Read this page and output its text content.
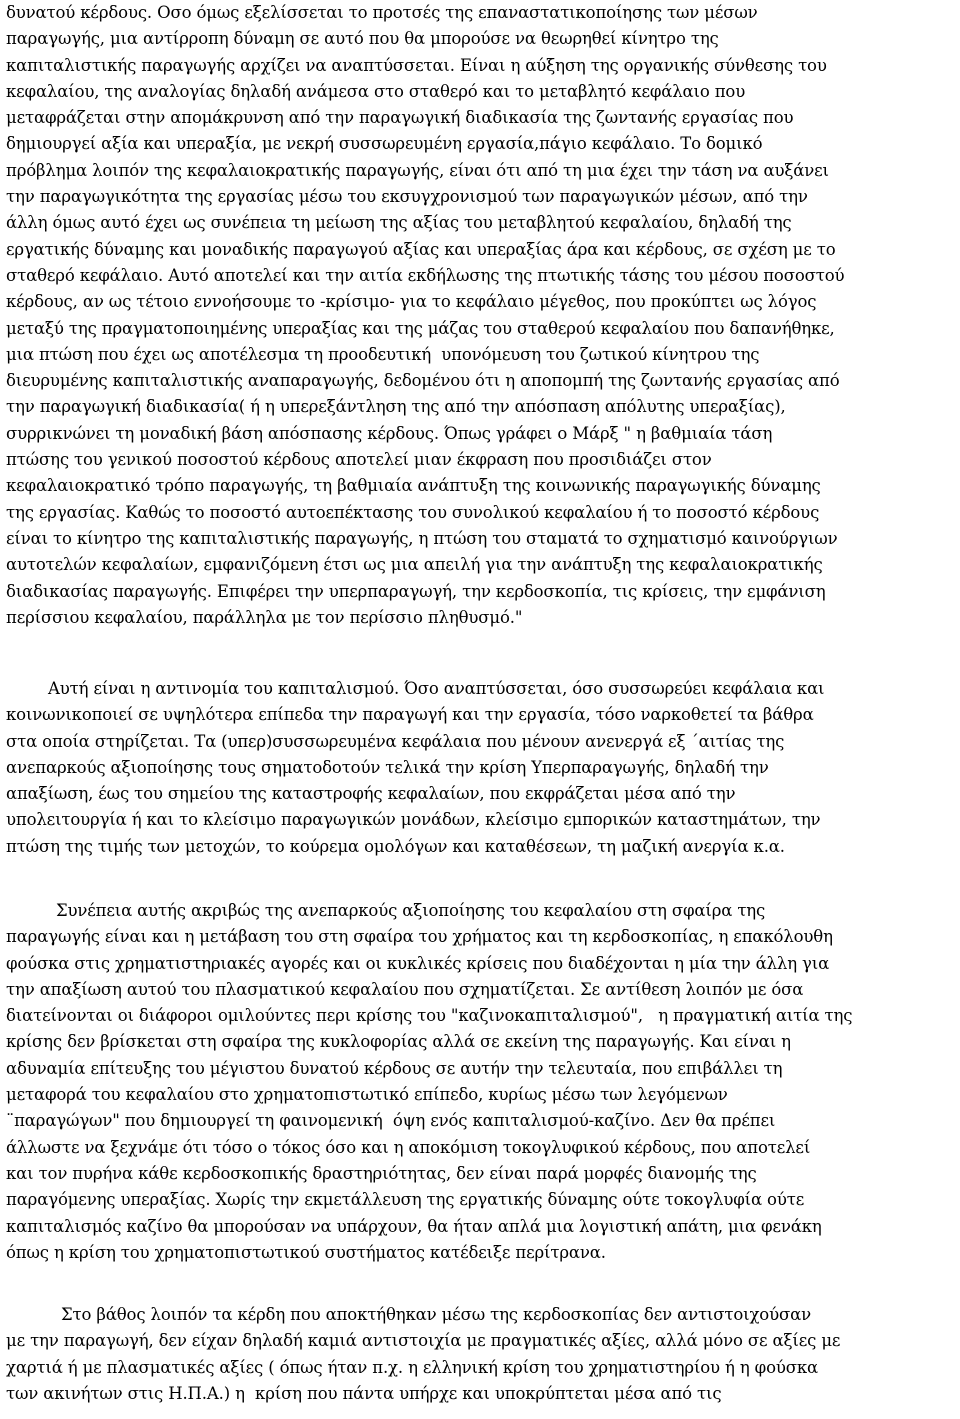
δυνατού κέρδους. Οσο όμως εξελίσσεται το προτσές της επαναστατικοποίησης των μέσων
παραγωγής, μια αντίρροπη δύναμη σε αυτό που θα μπορούσε να θεωρηθεί κίνητρο της
καπιταλιστικής παραγωγής αρχίζει να αναπτύσσεται. Είναι η αύξηση της οργανικής σύνθεσης του
κεφαλαίου, της αναλογίας δηλαδή ανάμεσα στο σταθερό και το μεταβλητό κεφάλαιο που
μεταφράζεται στην απομάκρυνση από την παραγωγική διαδικασία της ζωντανής εργασίας που
δημιουργεί αξία και υπεραξία, με νεκρή συσσωρευμένη εργασία,πάγιο κεφάλαιο. Το δομικό
πρόβλημα λοιπόν της κεφαλαιοκρατικής παραγωγής, είναι ότι από τη μια έχει την τάση να αυξάνει
την παραγωγικότητα της εργασίας μέσω του εκσυγχρονισμού των παραγωγικών μέσων, από την
άλλη όμως αυτό έχει ως συνέπεια τη μείωση της αξίας του μεταβλητού κεφαλαίου, δηλαδή της
εργατικής δύναμης και μοναδικής παραγωγού αξίας και υπεραξίας άρα και κέρδους, σε σχέση με το
σταθερό κεφάλαιο. Αυτό αποτελεί και την αιτία εκδήλωσης της πτωτικής τάσης του μέσου ποσοστού
κέρδους, αν ως τέτοιο εννοήσουμε το -κρίσιμο- για το κεφάλαιο μέγεθος, που προκύπτει ως λόγος
μεταξύ της πραγματοποιημένης υπεραξίας και της μάζας του σταθερού κεφαλαίου που δαπανήθηκε,
μια πτώση που έχει ως αποτέλεσμα τη προοδευτική  υπονόμευση του ζωτικού κίνητρου της
διευρυμένης καπιταλιστικής αναπαραγωγής, δεδομένου ότι η αποπομπή της ζωντανής εργασίας από
την παραγωγική διαδικασία( ή η υπερεξάντληση της από την απόσπαση απόλυτης υπεραξίας),
συρρικνώνει τη μοναδική βάση απόσπασης κέρδους. Όπως γράφει ο Μάρξ " η βαθμιαία τάση
πτώσης του γενικού ποσοστού κέρδους αποτελεί μιαν έκφραση που προσιδιάζει στον
κεφαλαιοκρατικό τρόπο παραγωγής, τη βαθμιαία ανάπτυξη της κοινωνικής παραγωγικής δύναμης
της εργασίας. Καθώς το ποσοστό αυτοεπέκτασης του συνολικού κεφαλαίου ή το ποσοστό κέρδους
είναι το κίνητρο της καπιταλιστικής παραγωγής, η πτώση του σταματά το σχηματισμό καινούργιων
αυτοτελών κεφαλαίων, εμφανιζόμενη έτσι ως μια απειλή για την ανάπτυξη της κεφαλαιοκρατικής
διαδικασίας παραγωγής. Επιφέρει την υπερπαραγωγή, την κερδοσκοπία, τις κρίσεις, την εμφάνιση
περίσσιου κεφαλαίου, παράλληλα με τον περίσσιο πληθυσμό."
Αυτή είναι η αντινομία του καπιταλισμού. Όσο αναπτύσσεται, όσο συσσωρεύει κεφάλαια και
κοινωνικοποιεί σε υψηλότερα επίπεδα την παραγωγή και την εργασία, τόσο ναρκοθετεί τα βάθρα
στα οποία στηρίζεται. Τα (υπερ)συσσωρευμένα κεφάλαια που μένουν ανενεργά εξ ΄αιτίας της
ανεπαρκούς αξιοποίησης τους σηματοδοτούν τελικά την κρίση Υπερπαραγωγής, δηλαδή την
απαξίωση, έως του σημείου της καταστροφής κεφαλαίων, που εκφράζεται μέσα από την
υπολειτουργία ή και το κλείσιμο παραγωγικών μονάδων, κλείσιμο εμπορικών καταστημάτων, την
πτώση της τιμής των μετοχών, το κούρεμα ομολόγων και καταθέσεων, τη μαζική ανεργία κ.α.
Συνέπεια αυτής ακριβώς της ανεπαρκούς αξιοποίησης του κεφαλαίου στη σφαίρα της
παραγωγής είναι και η μετάβαση του στη σφαίρα του χρήματος και τη κερδοσκοπίας, η επακόλουθη
φούσκα στις χρηματιστηριακές αγορές και οι κυκλικές κρίσεις που διαδέχονται η μία την άλλη για
την απαξίωση αυτού του πλασματικού κεφαλαίου που σχηματίζεται. Σε αντίθεση λοιπόν με όσα
διατείνονται οι διάφοροι ομιλούντες περι κρίσης του "καζινοκαπιταλισμού",   η πραγματική αιτία της
κρίσης δεν βρίσκεται στη σφαίρα της κυκλοφορίας αλλά σε εκείνη της παραγωγής. Και είναι η
αδυναμία επίτευξης του μέγιστου δυνατού κέρδους σε αυτήν την τελευταία, που επιβάλλει τη
μεταφορά του κεφαλαίου στο χρηματοπιστωτικό επίπεδο, κυρίως μέσω των λεγόμενων
¨παραγώγων" που δημιουργεί τη φαινομενική  όψη ενός καπιταλισμού-καζίνο. Δεν θα πρέπει
άλλωστε να ξεχνάμε ότι τόσο ο τόκος όσο και η αποκόμιση τοκογλυφικού κέρδους, που αποτελεί
και τον πυρήνα κάθε κερδοσκοπικής δραστηριότητας, δεν είναι παρά μορφές διανομής της
παραγόμενης υπεραξίας. Χωρίς την εκμετάλλευση της εργατικής δύναμης ούτε τοκογλυφία ούτε
καπιταλισμός καζίνο θα μπορούσαν να υπάρχουν, θα ήταν απλά μια λογιστική απάτη, μια φενάκη
όπως η κρίση του χρηματοπιστωτικού συστήματος κατέδειξε περίτρανα.
Στο βάθος λοιπόν τα κέρδη που αποκτήθηκαν μέσω της κερδοσκοπίας δεν αντιστοιχούσαν
με την παραγωγή, δεν είχαν δηλαδή καμιά αντιστοιχία με πραγματικές αξίες, αλλά μόνο σε αξίες με
χαρτιά ή με πλασματικές αξίες ( όπως ήταν π.χ. η ελληνική κρίση του χρηματιστηρίου ή η φούσκα
των ακινήτων στις Η.Π.Α.) η  κρίση που πάντα υπήρχε και υποκρύπτεται μέσα από τις
